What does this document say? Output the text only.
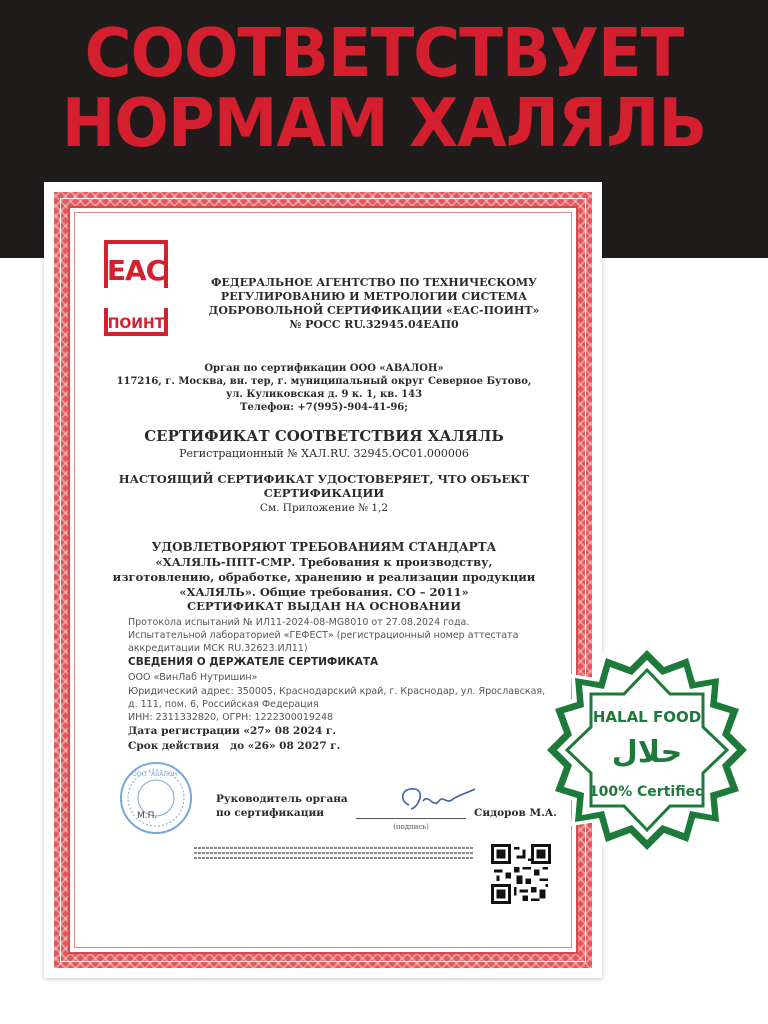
СООТВЕТСТВУЕТ
НОРМАМ ХАЛЯЛЬ
ЕАС
ПОИНТ
ФЕДЕРАЛЬНОЕ АГЕНТСТВО ПО ТЕХНИЧЕСКОМУ
РЕГУЛИРОВАНИЮ И МЕТРОЛОГИИ СИСТЕМА
ДОБРОВОЛЬНОЙ СЕРТИФИКАЦИИ «ЕАС-ПОИНТ»
№ РОСС RU.32945.04ЕАП0
Орган по сертификации ООО «АВАЛОН»
117216, г. Москва, вн. тер, г. муниципальный округ Северное Бутово,
ул. Куликовская д. 9 к. 1, кв. 143
Телефон: +7(995)-904-41-96;
СЕРТИФИКАТ СООТВЕТСТВИЯ ХАЛЯЛЬ
Регистрационный № ХАЛ.RU. 32945.ОС01.000006
НАСТОЯЩИЙ СЕРТИФИКАТ УДОСТОВЕРЯЕТ, ЧТО ОБЪЕКТ
СЕРТИФИКАЦИИ
См. Приложение № 1,2
УДОВЛЕТВОРЯЮТ ТРЕБОВАНИЯМ СТАНДАРТА
«ХАЛЯЛЬ-ППТ-СМР. Требования к производству,
изготовлению, обработке, хранению и реализации продукции
«ХАЛЯЛЬ». Общие требования. СО – 2011»
СЕРТИФИКАТ ВЫДАН НА ОСНОВАНИИ
Протокола испытаний № ИЛ11-2024-08-MG8010 от 27.08.2024 года.
Испытательной лабораторией «ГЕФЕСТ» (регистрационный номер аттестата
аккредитации МСК RU.32623.ИЛ11)
СВЕДЕНИЯ О ДЕРЖАТЕЛЕ СЕРТИФИКАТА
ООО «ВинЛаб Нутришин»
Юридический адрес: 350005, Краснодарский край, г. Краснодар, ул. Ярославская,
д. 111, пом. 6, Российская Федерация
ИНН: 2311332820, ОГРН: 1222300019248
Дата регистрации «27» 08 2024 г.
Срок действия   до «26» 08 2027 г.
ООО "АВАЛОН"
М.П.
Руководитель органа
по сертификации
(подпись)
Сидоров М.А.
HALAL FOOD
حلال
100% Certified
